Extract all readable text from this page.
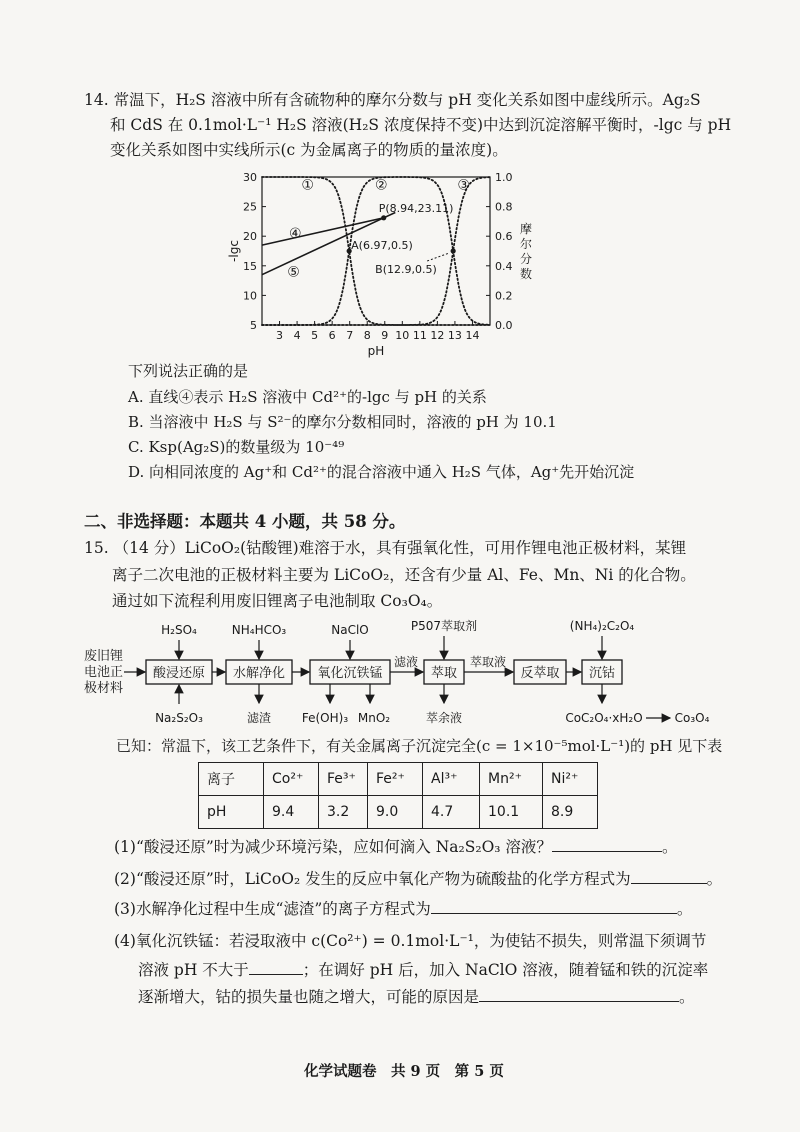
14. 常温下，H₂S 溶液中所有含硫物种的摩尔分数与 pH 变化关系如图中虚线所示。Ag₂S
和 CdS 在 0.1mol·L⁻¹ H₂S 溶液(H₂S 浓度保持不变)中达到沉淀溶解平衡时，-lgc 与 pH
变化关系如图中实线所示(c 为金属离子的物质的量浓度)。
3 4 5 6 7 8 9 10 11 12 13 14
5
10
15
20
25
30
0.0
0.2
0.4
0.6
0.8
1.0
pH
-lgc
摩
尔
分
数
P(8.94,23.11)
A(6.97,0.5)
B(12.9,0.5)
①	②	③
④
⑤
下列说法正确的是
A. 直线④表示 H₂S 溶液中 Cd²⁺的-lgc 与 pH 的关系
B. 当溶液中 H₂S 与 S²⁻的摩尔分数相同时，溶液的 pH 为 10.1
C. Ksp(Ag₂S)的数量级为 10⁻⁴⁹
D. 向相同浓度的 Ag⁺和 Cd²⁺的混合溶液中通入 H₂S 气体，Ag⁺先开始沉淀
二、非选择题：本题共 4 小题，共 58 分。
15. （14 分）LiCoO₂(钴酸锂)难溶于水，具有强氧化性，可用作锂电池正极材料，某锂
离子二次电池的正极材料主要为 LiCoO₂，还含有少量 Al、Fe、Mn、Ni 的化合物。
通过如下流程利用废旧锂离子电池制取 Co₃O₄。
废旧锂
电池正
极材料
酸浸还原 水解净化 氧化沉铁锰
滤液
萃取
萃取液
反萃取 沉钴
H₂SO₄	NH₄HCO₃	NaClO	P507萃取剂	(NH₄)₂C₂O₄
Na₂S₂O₃	滤渣	Fe(OH)₃ MnO₂	萃余液	CoC₂O₄·xH₂O	Co₃O₄
已知：常温下，该工艺条件下，有关金属离子沉淀完全(c = 1×10⁻⁵mol·L⁻¹)的 pH 见下表
离子	Co²⁺	Fe³⁺	Fe²⁺	Al³⁺	Mn²⁺	Ni²⁺
pH	9.4	3.2	9.0	4.7	10.1	8.9
(1)“酸浸还原”时为减少环境污染，应如何滴入 Na₂S₂O₃ 溶液？	。
(2)“酸浸还原”时，LiCoO₂ 发生的反应中氧化产物为硫酸盐的化学方程式为	。
(3)水解净化过程中生成“滤渣”的离子方程式为	。
(4)氧化沉铁锰：若浸取液中 c(Co²⁺) = 0.1mol·L⁻¹，为使钴不损失，则常温下须调节
溶液 pH 不大于	；在调好 pH 后，加入 NaClO 溶液，随着锰和铁的沉淀率
逐渐增大，钴的损失量也随之增大，可能的原因是	。
化学试题卷　共 9 页　第 5 页
